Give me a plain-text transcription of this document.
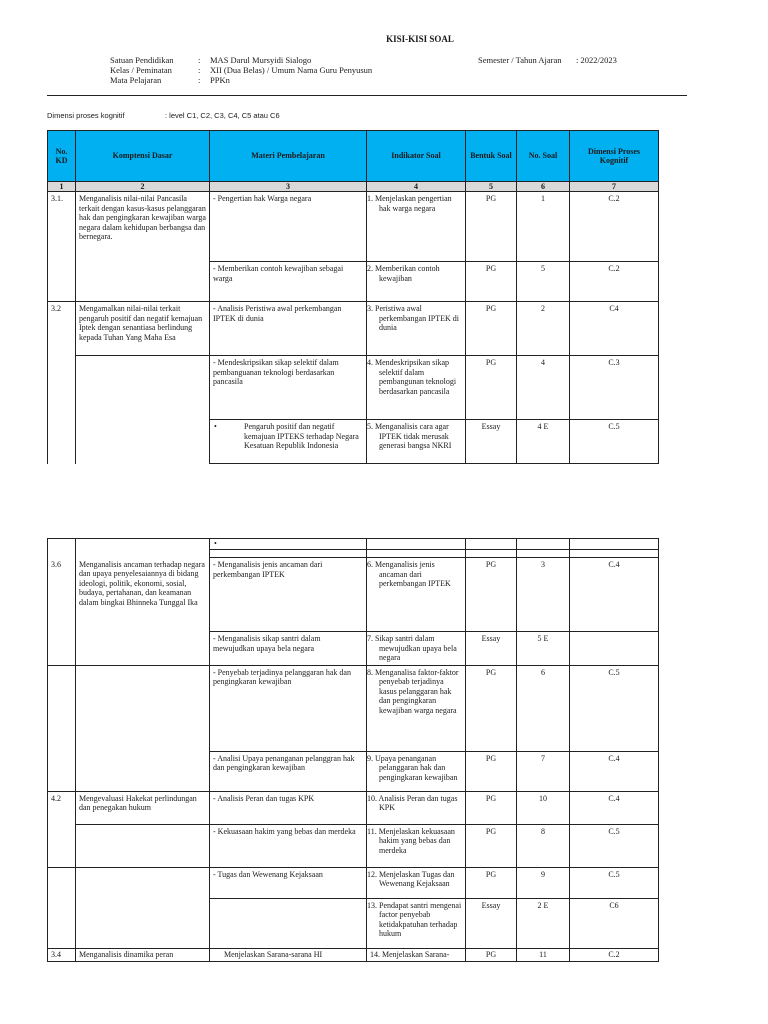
KISI-KISI SOAL
Satuan Pendidikan	:	MAS Darul Mursyidi Sialogo
Kelas / Peminatan	:	XII (Dua Belas) / Umum Nama Guru Penyusun
Mata Pelajaran	:	PPKn
Semester / Tahun Ajaran	: 2022/2023
Dimensi proses kognitif	: level C1, C2, C3, C4, C5 atau C6
No. KD	Komptensi Dasar	Materi Pembelajaran	Indikator Soal	Bentuk Soal	No. Soal	Dimensi Proses Kognitif
1	2	3	4	5	6	7
3.1.	Menganalisis nilai-nilai Pancasila terkait dengan kasus-kasus pelanggaran hak dan pengingkaran kewajiban warga negara dalam kehidupan berbangsa dan bernegara.	- Pengertian hak Warga negara	1. Menjelaskan pengertian hak warga negara	PG	1	C.2
		- Memberikan contoh kewajiban sebagai warga	2. Memberikan contoh kewajiban	PG	5	C.2
3.2	Mengamalkan nilai-nilai terkait pengaruh positif dan negatif kemajuan Iptek dengan senantiasa berlindung kepada Tuhan Yang Maha Esa	- Analisis Peristiwa awal perkembangan IPTEK di dunia	3. Peristiwa awal perkembangan IPTEK di dunia	PG	2	C4
		- Mendeskripsikan sikap selektif dalam pembanguanan teknologi berdasarkan pancasila	4. Mendeskripsikan sikap selektif dalam pembangunan teknologi berdasarkan pancasila	PG	4	C.3
		• Pengaruh positif dan negatif kemajuan IPTEKS terhadap Negara Kesatuan Republik Indonesia	5. Menganalisis cara agar IPTEK tidak merusak generasi bangsa NKRI	Essay	4 E	C.5
		•				

3.6	Menganalisis ancaman terhadap negara dan upaya penyelesaiannya di bidang ideologi, politik, ekonomi, sosial, budaya, pertahanan, dan keamanan dalam bingkai Bhinneka Tunggal Ika	- Menganalisis jenis ancaman dari perkembangan IPTEK	6. Menganalisis jenis ancaman dari perkembangan IPTEK	PG	3	C.4
		- Menganalisis sikap santri dalam mewujudkan upaya bela negara	7. Sikap santri dalam mewujudkan upaya bela negara	Essay	5 E	
		- Penyebab terjadinya pelanggaran hak dan pengingkaran kewajiban	8. Menganalisa faktor-faktor penyebab terjadinya kasus pelanggaran hak dan pengingkaran kewajiban warga negara	PG	6	C.5
		- Analisi Upaya penanganan pelanggran hak dan pengingkaran kewajiban	9. Upaya penanganan pelanggaran hak dan pengingkaran kewajiban	PG	7	C.4
4.2	Mengevaluasi Hakekat perlindungan dan penegakan hukum	- Analisis Peran dan tugas KPK	10. Analisis Peran dan tugas KPK	PG	10	C.4
		- Kekuasaan hakim yang bebas dan merdeka	11. Menjelaskan kekuasaan hakim yang bebas dan merdeka	PG	8	C.5
		- Tugas dan Wewenang Kejaksaan	12. Menjelaskan Tugas dan Wewenang Kejaksaan	PG	9	C.5
			13. Pendapat santri mengenai factor penyebab ketidakpatuhan terhadap hukum	Essay	2 E	C6
3.4	Menganalisis dinamika peran	Menjelaskan Sarana-sarana HI	14. Menjelaskan Sarana-	PG	11	C.2
